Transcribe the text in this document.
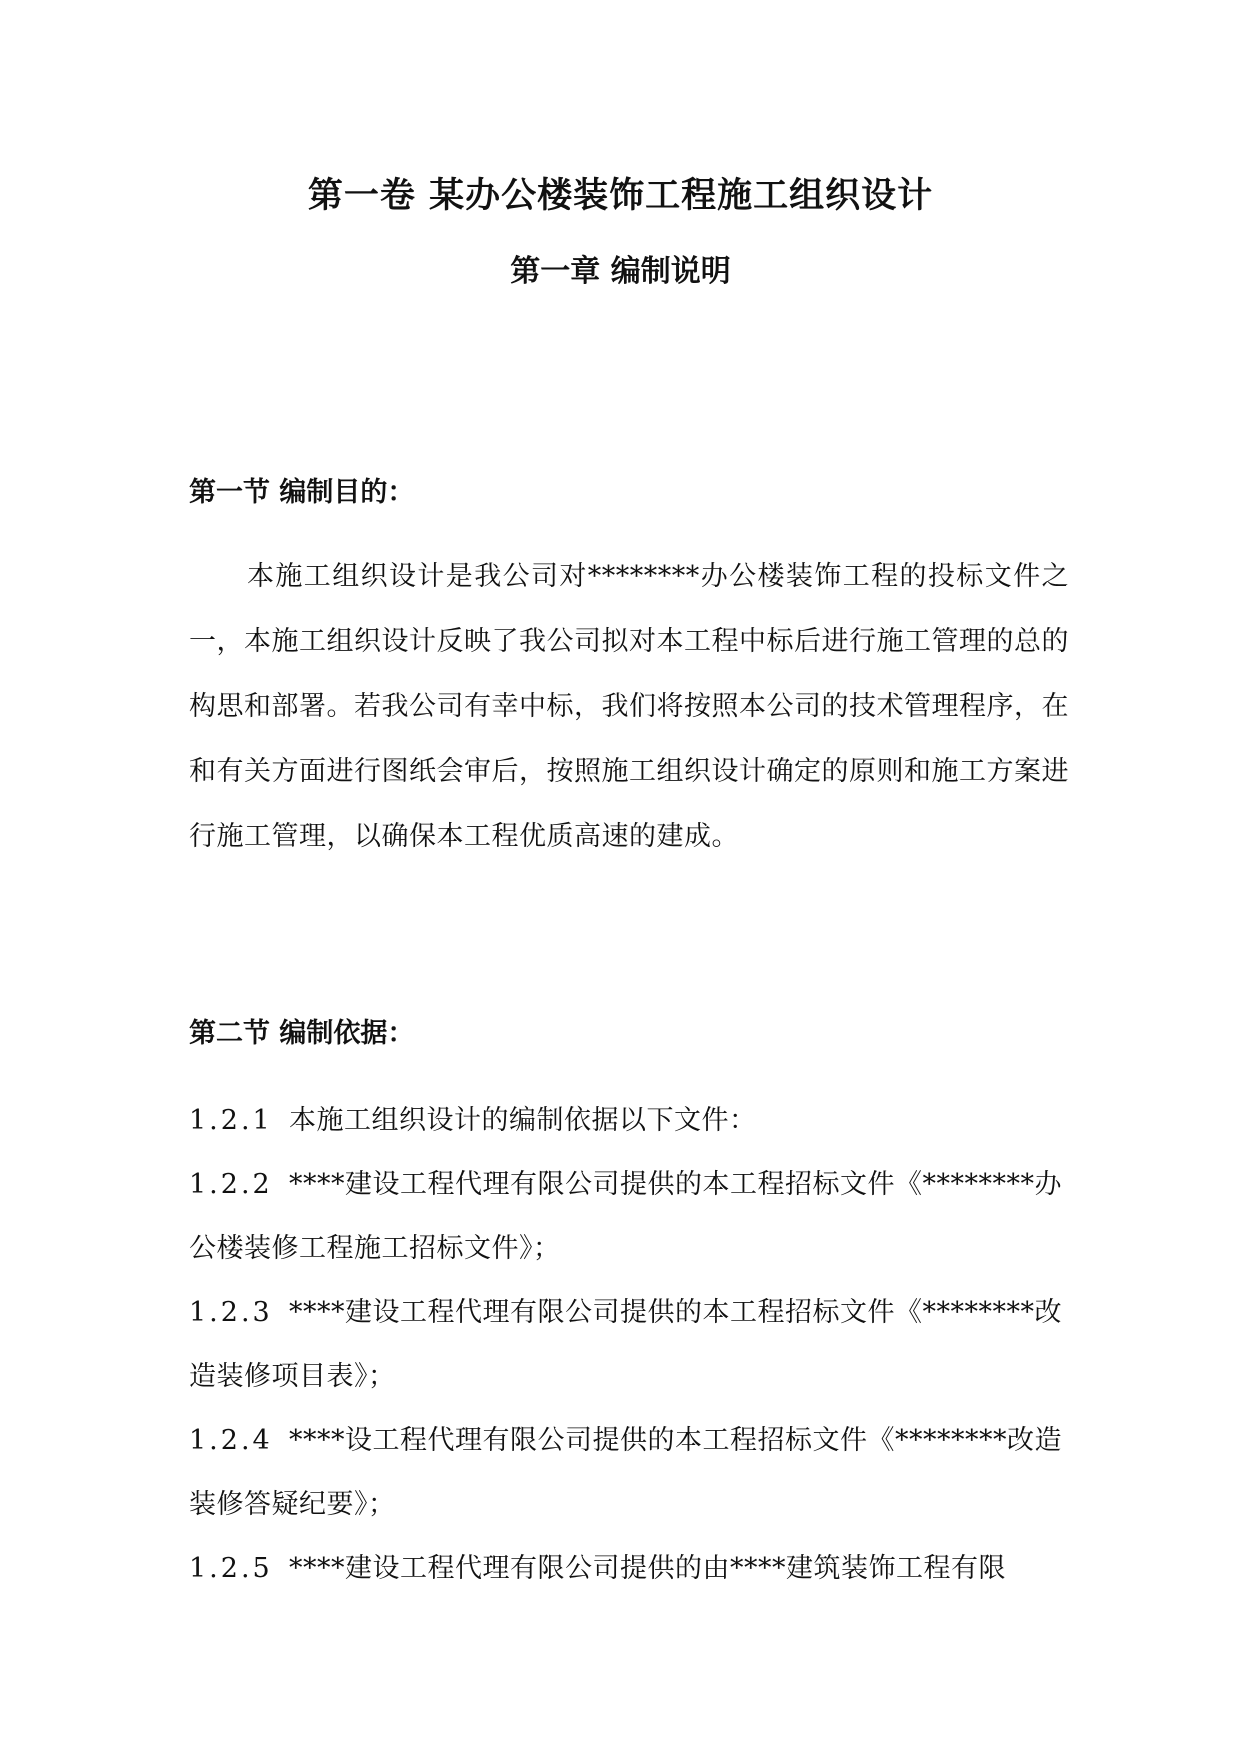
第一卷 某办公楼装饰工程施工组织设计
第一章 编制说明
第一节 编制目的：
本施工组织设计是我公司对********办公楼装饰工程的投标文件之一，本施工组织设计反映了我公司拟对本工程中标后进行施工管理的总的构思和部署。若我公司有幸中标，我们将按照本公司的技术管理程序，在和有关方面进行图纸会审后，按照施工组织设计确定的原则和施工方案进行施工管理，以确保本工程优质高速的建成。
第二节 编制依据：
1.2.1 本施工组织设计的编制依据以下文件：
1.2.2 ****建设工程代理有限公司提供的本工程招标文件《********办公楼装修工程施工招标文件》；
1.2.3 ****建设工程代理有限公司提供的本工程招标文件《********改造装修项目表》；
1.2.4 ****设工程代理有限公司提供的本工程招标文件《********改造装修答疑纪要》；
1.2.5 ****建设工程代理有限公司提供的由****建筑装饰工程有限
